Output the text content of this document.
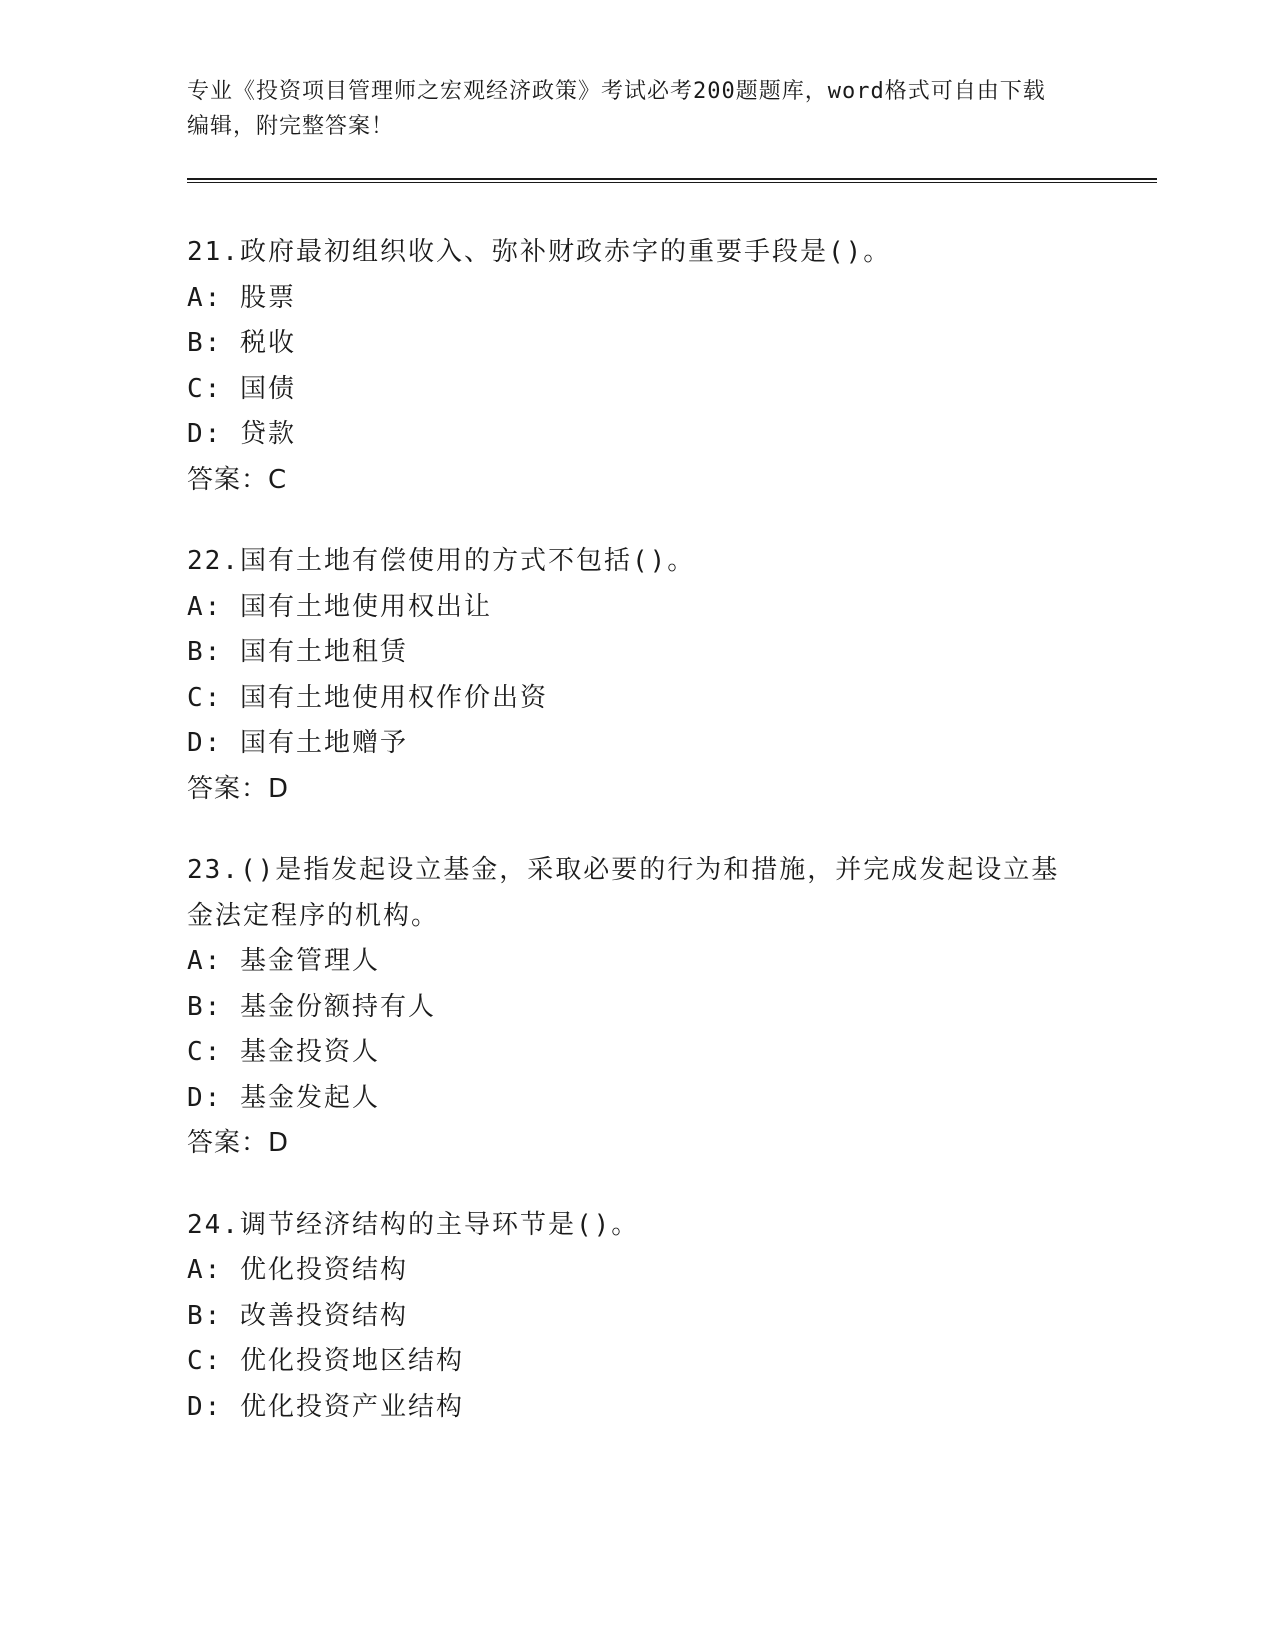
专业《投资项目管理师之宏观经济政策》考试必考200题题库，word格式可自由下载编辑，附完整答案！
21.政府最初组织收入、弥补财政赤字的重要手段是()。
A: 股票
B: 税收
C: 国债
D: 贷款
答案：C
22.国有土地有偿使用的方式不包括()。
A: 国有土地使用权出让
B: 国有土地租赁
C: 国有土地使用权作价出资
D: 国有土地赠予
答案：D
23.()是指发起设立基金，采取必要的行为和措施，并完成发起设立基金法定程序的机构。
A: 基金管理人
B: 基金份额持有人
C: 基金投资人
D: 基金发起人
答案：D
24.调节经济结构的主导环节是()。
A: 优化投资结构
B: 改善投资结构
C: 优化投资地区结构
D: 优化投资产业结构
